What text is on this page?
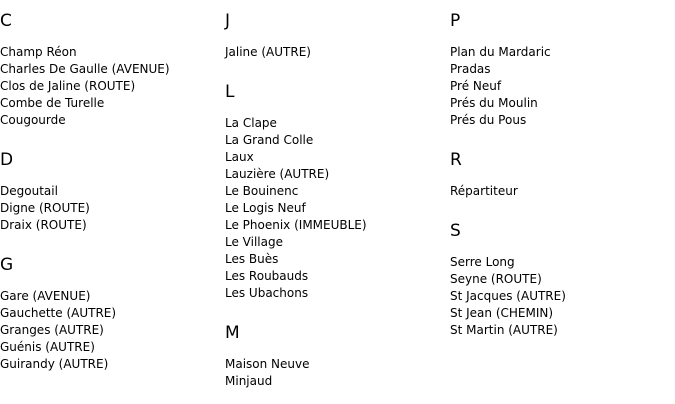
C
Champ Réon
Charles De Gaulle (AVENUE)
Clos de Jaline (ROUTE)
Combe de Turelle
Cougourde
D
Degoutail
Digne (ROUTE)
Draix (ROUTE)
G
Gare (AVENUE)
Gauchette (AUTRE)
Granges (AUTRE)
Guénis (AUTRE)
Guirandy (AUTRE)
J
Jaline (AUTRE)
L
La Clape
La Grand Colle
Laux
Lauzière (AUTRE)
Le Bouinenc
Le Logis Neuf
Le Phoenix (IMMEUBLE)
Le Village
Les Buès
Les Roubauds
Les Ubachons
M
Maison Neuve
Minjaud
P
Plan du Mardaric
Pradas
Pré Neuf
Prés du Moulin
Prés du Pous
R
Répartiteur
S
Serre Long
Seyne (ROUTE)
St Jacques (AUTRE)
St Jean (CHEMIN)
St Martin (AUTRE)
